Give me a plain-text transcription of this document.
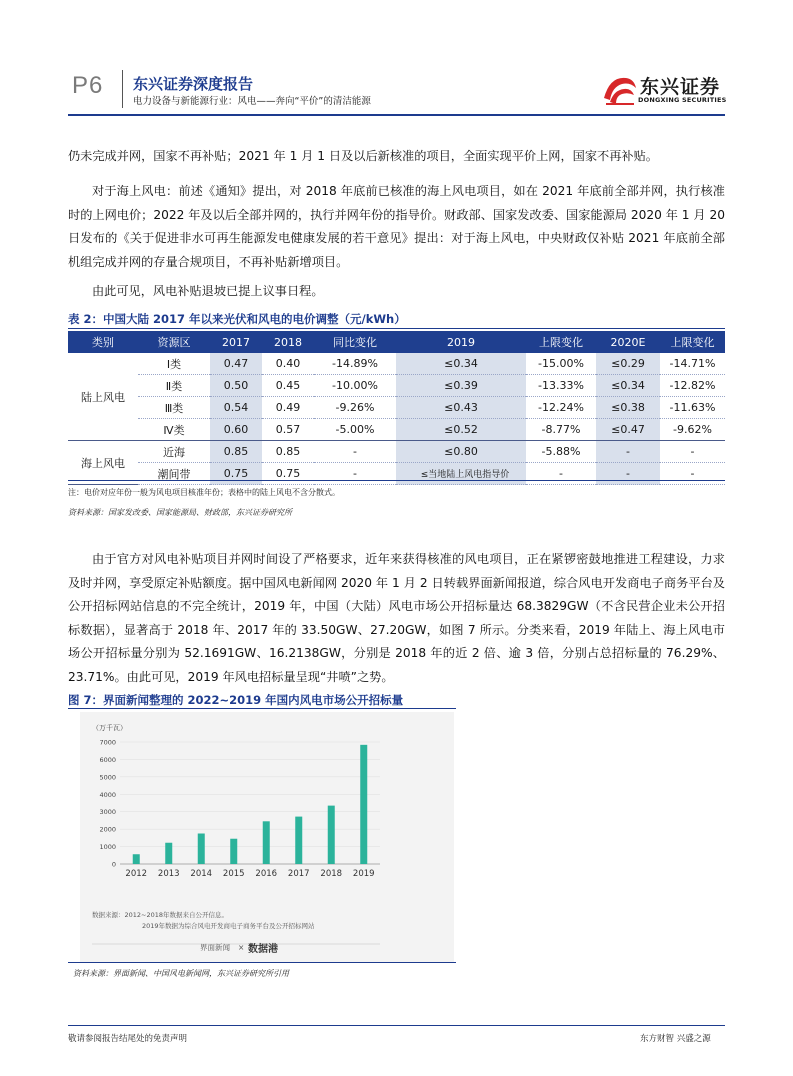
P6 东兴证券深度报告
电力设备与新能源行业：风电——奔向“平价”的清洁能源
东兴证券
DONGXING SECURITIES

仍未完成并网，国家不再补贴；2021 年 1 月 1 日及以后新核准的项目，全面实现平价上网，国家不再补贴。

对于海上风电：前述《通知》提出，对 2018 年底前已核准的海上风电项目，如在 2021 年底前全部并网，执行核准时的上网电价；2022 年及以后全部并网的，执行并网年份的指导价。财政部、国家发改委、国家能源局 2020 年 1 月 20 日发布的《关于促进非水可再生能源发电健康发展的若干意见》提出：对于海上风电，中央财政仅补贴 2021 年底前全部机组完成并网的存量合规项目，不再补贴新增项目。

由此可见，风电补贴退坡已提上议事日程。

表 2：中国大陆 2017 年以来光伏和风电的电价调整（元/kWh）
类别	资源区	2017	2018	同比变化	2019	上限变化	2020E	上限变化
陆上风电	Ⅰ类	0.47	0.40	-14.89%	≤0.34	-15.00%	≤0.29	-14.71%
	Ⅱ类	0.50	0.45	-10.00%	≤0.39	-13.33%	≤0.34	-12.82%
	Ⅲ类	0.54	0.49	-9.26%	≤0.43	-12.24%	≤0.38	-11.63%
	Ⅳ类	0.60	0.57	-5.00%	≤0.52	-8.77%	≤0.47	-9.62%
海上风电	近海	0.85	0.85	-	≤0.80	-5.88%	-	-
	潮间带	0.75	0.75	-	≤当地陆上风电指导价	-	-	-
注：电价对应年份一般为风电项目核准年份；表格中的陆上风电不含分散式。
资料来源：国家发改委、国家能源局、财政部，东兴证券研究所

由于官方对风电补贴项目并网时间设了严格要求，近年来获得核准的风电项目，正在紧锣密鼓地推进工程建设，力求及时并网，享受原定补贴额度。据中国风电新闻网 2020 年 1 月 2 日转载界面新闻报道，综合风电开发商电子商务平台及公开招标网站信息的不完全统计，2019 年，中国（大陆）风电市场公开招标量达 68.3829GW（不含民营企业未公开招标数据），显著高于 2018 年、2017 年的 33.50GW、27.20GW，如图 7 所示。分类来看，2019 年陆上、海上风电市场公开招标量分别为 52.1691GW、16.2138GW，分别是 2018 年的近 2 倍、逾 3 倍，分别占总招标量的 76.29%、23.71%。由此可见，2019 年风电招标量呈现“井喷”之势。

图 7：界面新闻整理的 2022~2019 年国内风电市场公开招标量
（万千瓦）
0
1000
2000
3000
4000
5000
6000
7000
2012 2013 2014 2015 2016 2017 2018 2019
数据来源：2012~2018年数据来自公开信息。
2019年数据为综合风电开发商电子商务平台及公开招标网站
界面新闻 × 数据港
资料来源：界面新闻、中国风电新闻网，东兴证券研究所引用
敬请参阅报告结尾处的免责声明	东方财智 兴盛之源
